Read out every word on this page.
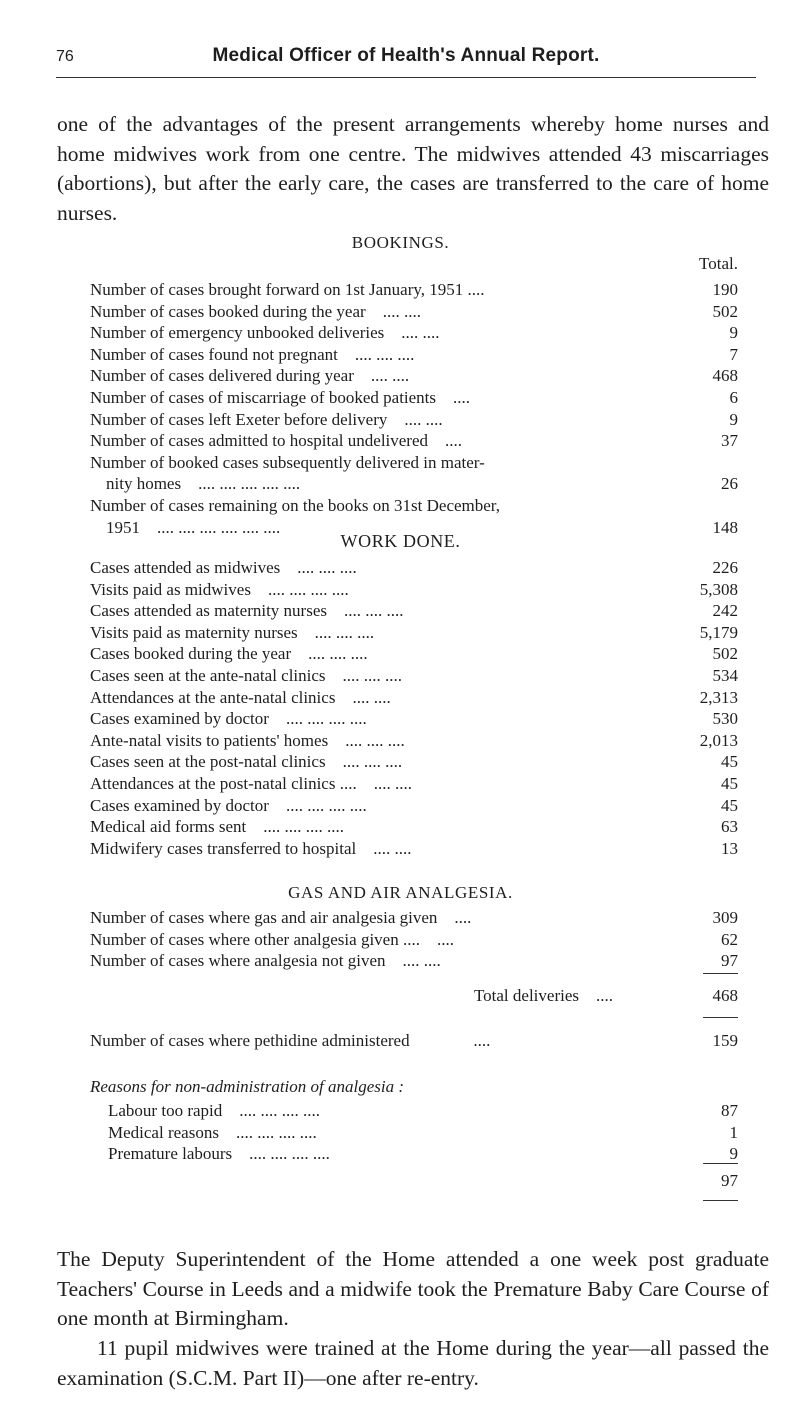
76	Medical Officer of Health's Annual Report.

one of the advantages of the present arrangements whereby home nurses and home midwives work from one centre. The midwives attended 43 miscarriages (abortions), but after the early care, the cases are transferred to the care of home nurses.

BOOKINGS.
Total.
Number of cases brought forward on 1st January, 1951 ....	190
Number of cases booked during the year .... ....	502
Number of emergency unbooked deliveries .... ....	9
Number of cases found not pregnant .... .... ....	7
Number of cases delivered during year .... ....	468
Number of cases of miscarriage of booked patients ....	6
Number of cases left Exeter before delivery .... ....	9
Number of cases admitted to hospital undelivered ....	37
Number of booked cases subsequently delivered in mater-
nity homes .... .... .... .... ....	26
Number of cases remaining on the books on 31st December,
1951 .... .... .... .... .... ....	148
WORK DONE.
Cases attended as midwives .... .... ....	226
Visits paid as midwives .... .... .... ....	5,308
Cases attended as maternity nurses .... .... ....	242
Visits paid as maternity nurses .... .... ....	5,179
Cases booked during the year .... .... ....	502
Cases seen at the ante-natal clinics .... .... ....	534
Attendances at the ante-natal clinics .... ....	2,313
Cases examined by doctor .... .... .... ....	530
Ante-natal visits to patients' homes .... .... ....	2,013
Cases seen at the post-natal clinics .... .... ....	45
Attendances at the post-natal clinics .... .... ....	45
Cases examined by doctor .... .... .... ....	45
Medical aid forms sent .... .... .... ....	63
Midwifery cases transferred to hospital .... ....	13
GAS AND AIR ANALGESIA.
Number of cases where gas and air analgesia given ....	309
Number of cases where other analgesia given .... ....	62
Number of cases where analgesia not given .... ....	97
Total deliveries ....	468
Number of cases where pethidine administered	....	159
Reasons for non-administration of analgesia :
Labour too rapid .... .... .... ....	87
Medical reasons .... .... .... ....	1
Premature labours .... .... .... ....	9
97

The Deputy Superintendent of the Home attended a one week post graduate Teachers' Course in Leeds and a midwife took the Premature Baby Care Course of one month at Birmingham.

11 pupil midwives were trained at the Home during the year—all passed the examination (S.C.M. Part II)—one after re-entry.
